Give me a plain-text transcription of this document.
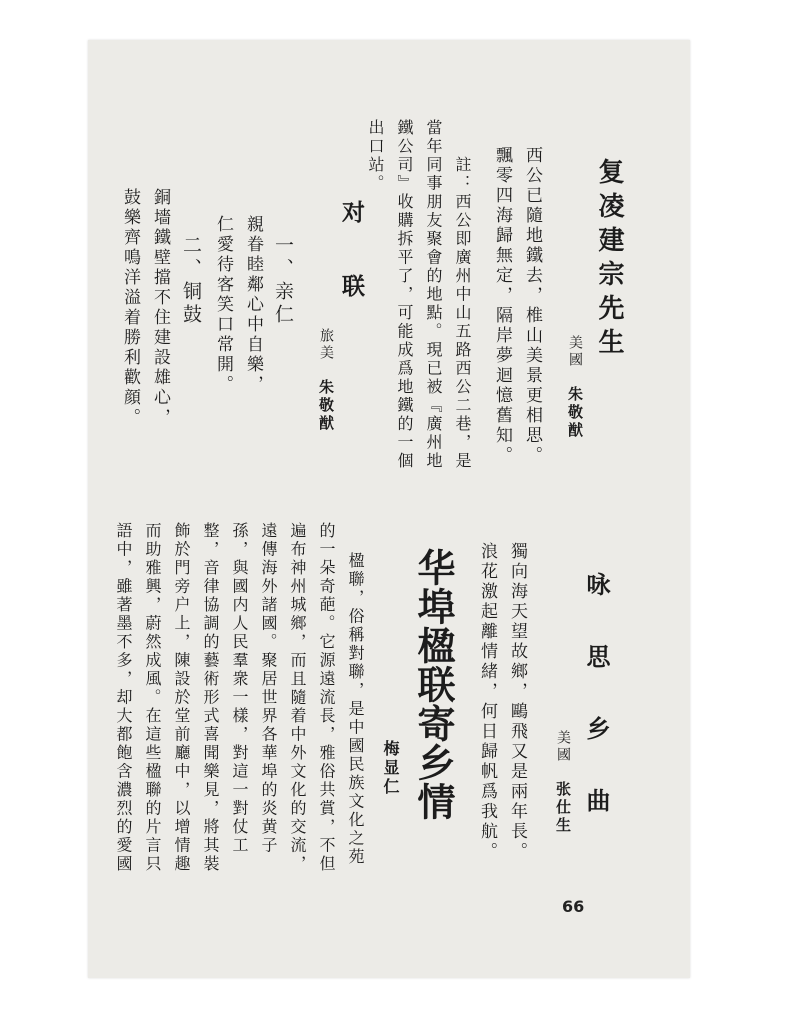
复凌建宗先生
美國　朱敬猷
西公已隨地鐵去，椎山美景更相思。
飄零四海歸無定，隔岸夢迴憶舊知。
註：西公即廣州中山五路西公二巷，是
當年同事朋友聚會的地點。現已被『廣州地
鐵公司』收購拆平了，可能成爲地鐵的一個
出口站。
对　联
旅美　朱敬猷
一、亲仁
親眷睦鄰心中自樂，
仁愛待客笑口常開。
二、铜鼓
銅墻鐵壁擋不住建設雄心，
鼓樂齊鳴洋溢着勝利歡顔。
咏　思　乡　曲
美國　张仕生
獨向海天望故鄉，鷗飛又是兩年長。
浪花激起離情緒，何日歸帆爲我航。
华埠楹联寄乡情
梅显仁
楹聯，俗稱對聯，是中國民族文化之苑
的一朵奇葩。它源遠流長，雅俗共賞，不但
遍布神州城鄉，而且隨着中外文化的交流，
遠傳海外諸國。聚居世界各華埠的炎黄子
孫，與國内人民羣衆一樣，對這一對仗工
整，音律協調的藝術形式喜聞樂見，將其裝
飾於門旁户上，陳設於堂前廳中，以增情趣
而助雅興，蔚然成風。在這些楹聯的片言只
語中，雖著墨不多，却大都飽含濃烈的愛國
66
